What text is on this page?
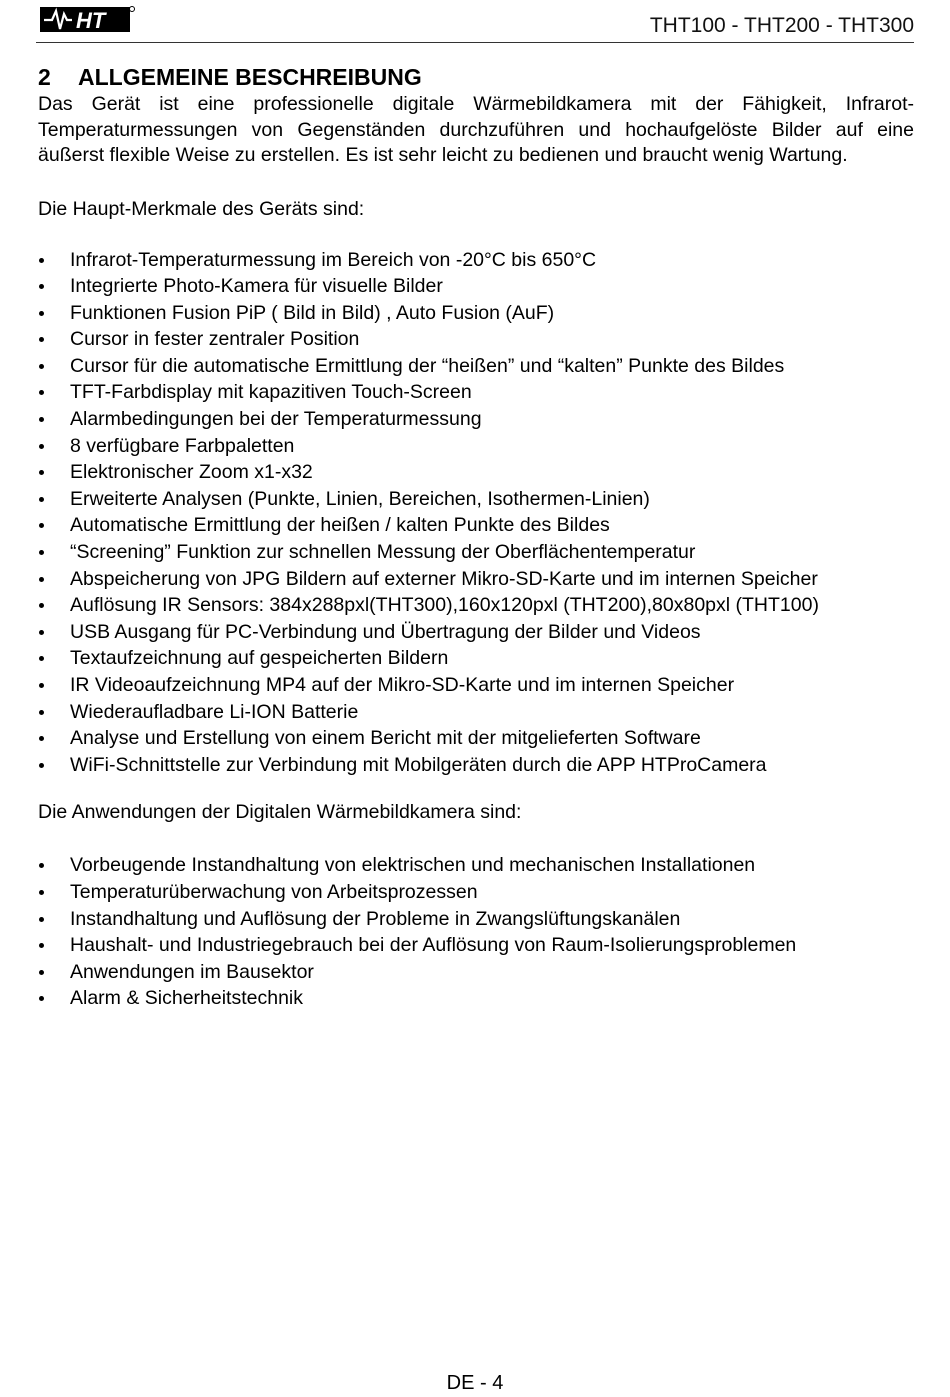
HT	THT100 - THT200 - THT300
2 ALLGEMEINE BESCHREIBUNG

Das Gerät ist eine professionelle digitale Wärmebildkamera mit der Fähigkeit, Infrarot-Temperaturmessungen von Gegenständen durchzuführen und hochaufgelöste Bilder auf eine äußerst flexible Weise zu erstellen. Es ist sehr leicht zu bedienen und braucht wenig Wartung.

Die Haupt-Merkmale des Geräts sind:

Infrarot-Temperaturmessung im Bereich von -20°C bis 650°C
Integrierte Photo-Kamera für visuelle Bilder
Funktionen Fusion PiP ( Bild in Bild) , Auto Fusion (AuF)
Cursor in fester zentraler Position
Cursor für die automatische Ermittlung der “heißen” und “kalten” Punkte des Bildes
TFT-Farbdisplay mit kapazitiven Touch-Screen
Alarmbedingungen bei der Temperaturmessung
8 verfügbare Farbpaletten
Elektronischer Zoom x1-x32
Erweiterte Analysen (Punkte, Linien, Bereichen, Isothermen-Linien)
Automatische Ermittlung der heißen / kalten Punkte des Bildes
“Screening” Funktion zur schnellen Messung der Oberflächentemperatur
Abspeicherung von JPG Bildern auf externer Mikro-SD-Karte und im internen Speicher
Auflösung IR Sensors: 384x288pxl(THT300),160x120pxl (THT200),80x80pxl (THT100)
USB Ausgang für PC-Verbindung und Übertragung der Bilder und Videos
Textaufzeichnung auf gespeicherten Bildern
IR Videoaufzeichnung MP4 auf der Mikro-SD-Karte und im internen Speicher
Wiederaufladbare Li-ION Batterie
Analyse und Erstellung von einem Bericht mit der mitgelieferten Software
WiFi-Schnittstelle zur Verbindung mit Mobilgeräten durch die APP HTProCamera

Die Anwendungen der Digitalen Wärmebildkamera sind:

Vorbeugende Instandhaltung von elektrischen und mechanischen Installationen
Temperaturüberwachung von Arbeitsprozessen
Instandhaltung und Auflösung der Probleme in Zwangslüftungskanälen
Haushalt- und Industriegebrauch bei der Auflösung von Raum-Isolierungsproblemen
Anwendungen im Bausektor
Alarm & Sicherheitstechnik
DE - 4
